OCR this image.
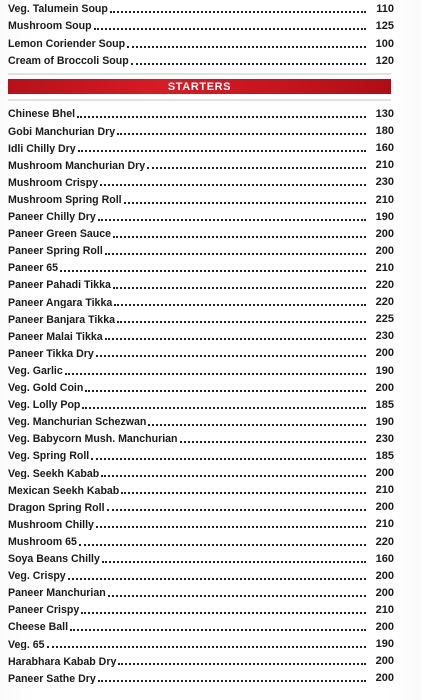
Veg. Talumein Soup	110
Mushroom Soup	125
Lemon Coriender Soup	100
Cream of Broccoli Soup	120
STARTERS
Chinese Bhel	130
Gobi Manchurian Dry	180
Idli Chilly Dry	160
Mushroom Manchurian Dry	210
Mushroom Crispy	230
Mushroom Spring Roll	210
Paneer Chilly Dry	190
Paneer Green Sauce	200
Paneer Spring Roll	200
Paneer 65	210
Paneer Pahadi Tikka	220
Paneer Angara Tikka	220
Paneer Banjara Tikka	225
Paneer Malai Tikka	230
Paneer Tikka Dry	200
Veg. Garlic	190
Veg. Gold Coin	200
Veg. Lolly Pop	185
Veg. Manchurian Schezwan	190
Veg. Babycorn Mush. Manchurian	230
Veg. Spring Roll	185
Veg. Seekh Kabab	200
Mexican Seekh Kabab	210
Dragon Spring Roll	200
Mushroom Chilly	210
Mushroom 65	220
Soya Beans Chilly	160
Veg. Crispy	200
Paneer Manchurian	200
Paneer Crispy	210
Cheese Ball	200
Veg. 65	190
Harabhara Kabab Dry	200
Paneer Sathe Dry	200
